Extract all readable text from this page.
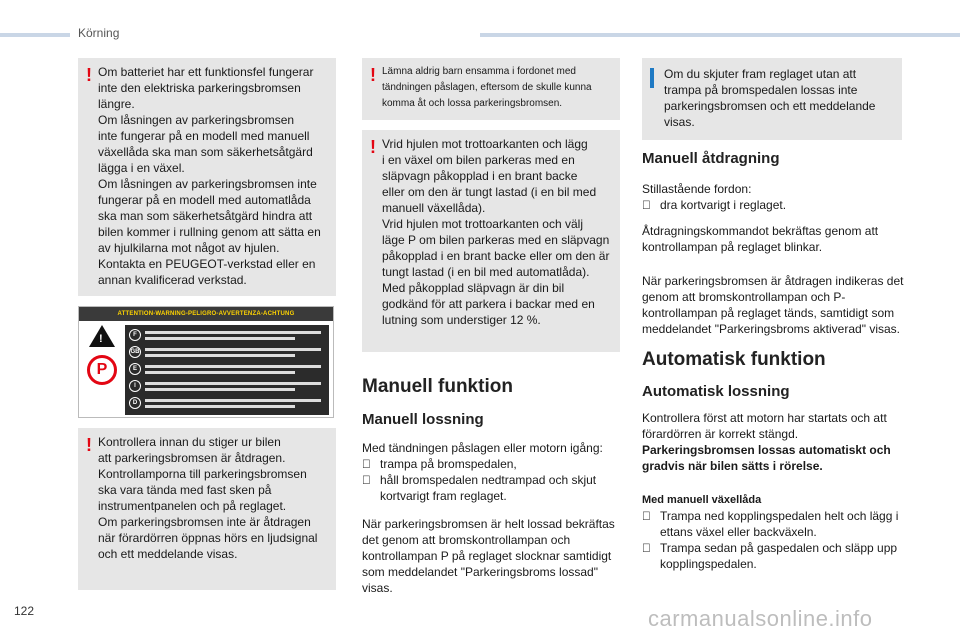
Körning
! Om batteriet har ett funktionsfel fungerar
inte den elektriska parkeringsbromsen
längre.
Om låsningen av parkeringsbromsen
inte fungerar på en modell med manuell
växellåda ska man som säkerhetsåtgärd
lägga i en växel.
Om låsningen av parkeringsbromsen inte
fungerar på en modell med automatlåda
ska man som säkerhetsåtgärd hindra att
bilen kommer i rullning genom att sätta en
av hjulkilarna mot något av hjulen.
Kontakta en PEUGEOT-verkstad eller en
annan kvalificerad verkstad.

ATTENTION-WARNING-PELIGRO-AVVERTENZA-ACHTUNG
!
P
F
GB
E
I
D
! Kontrollera innan du stiger ur bilen
att parkeringsbromsen är åtdragen.
Kontrollamporna till parkeringsbromsen
ska vara tända med fast sken på
instrumentpanelen och på reglaget.
Om parkeringsbromsen inte är åtdragen
när förardörren öppnas hörs en ljudsignal
och ett meddelande visas.

! Lämna aldrig barn ensamma i fordonet med
tändningen påslagen, eftersom de skulle kunna
komma åt och lossa parkeringsbromsen.

! Vrid hjulen mot trottoarkanten och lägg
i en växel om bilen parkeras med en
släpvagn påkopplad i en brant backe
eller om den är tungt lastad (i en bil med
manuell växellåda).
Vrid hjulen mot trottoarkanten och välj
läge P om bilen parkeras med en släpvagn
påkopplad i en brant backe eller om den är
tungt lastad (i en bil med automatlåda).
Med påkopplad släpvagn är din bil
godkänd för att parkera i backar med en
lutning som understiger 12 %.

Manuell funktion
Manuell lossning
Med tändningen påslagen eller motorn igång:
trampa på bromspedalen,
håll bromspedalen nedtrampad och skjut kortvarigt fram reglaget.
När parkeringsbromsen är helt lossad bekräftas det genom att bromskontrollampan och kontrollampan P på reglaget slocknar samtidigt som meddelandet "Parkeringsbroms lossad" visas.

Om du skjuter fram reglaget utan att
trampa på bromspedalen lossas inte
parkeringsbromsen och ett meddelande
visas.

Manuell åtdragning
Stillastående fordon:
dra kortvarigt i reglaget.
Åtdragningskommandot bekräftas genom att kontrollampan på reglaget blinkar.
När parkeringsbromsen är åtdragen indikeras det genom att bromskontrollampan och P- kontrollampan på reglaget tänds, samtidigt som meddelandet "Parkeringsbroms aktiverad" visas.
Automatisk funktion
Automatisk lossning
Kontrollera först att motorn har startats och att förardörren är korrekt stängd. Parkeringsbromsen lossas automatiskt och gradvis när bilen sätts i rörelse.
Med manuell växellåda
Trampa ned kopplingspedalen helt och lägg i ettans växel eller backväxeln.
Trampa sedan på gaspedalen och släpp upp kopplingspedalen.
122	carmanualsonline.info
